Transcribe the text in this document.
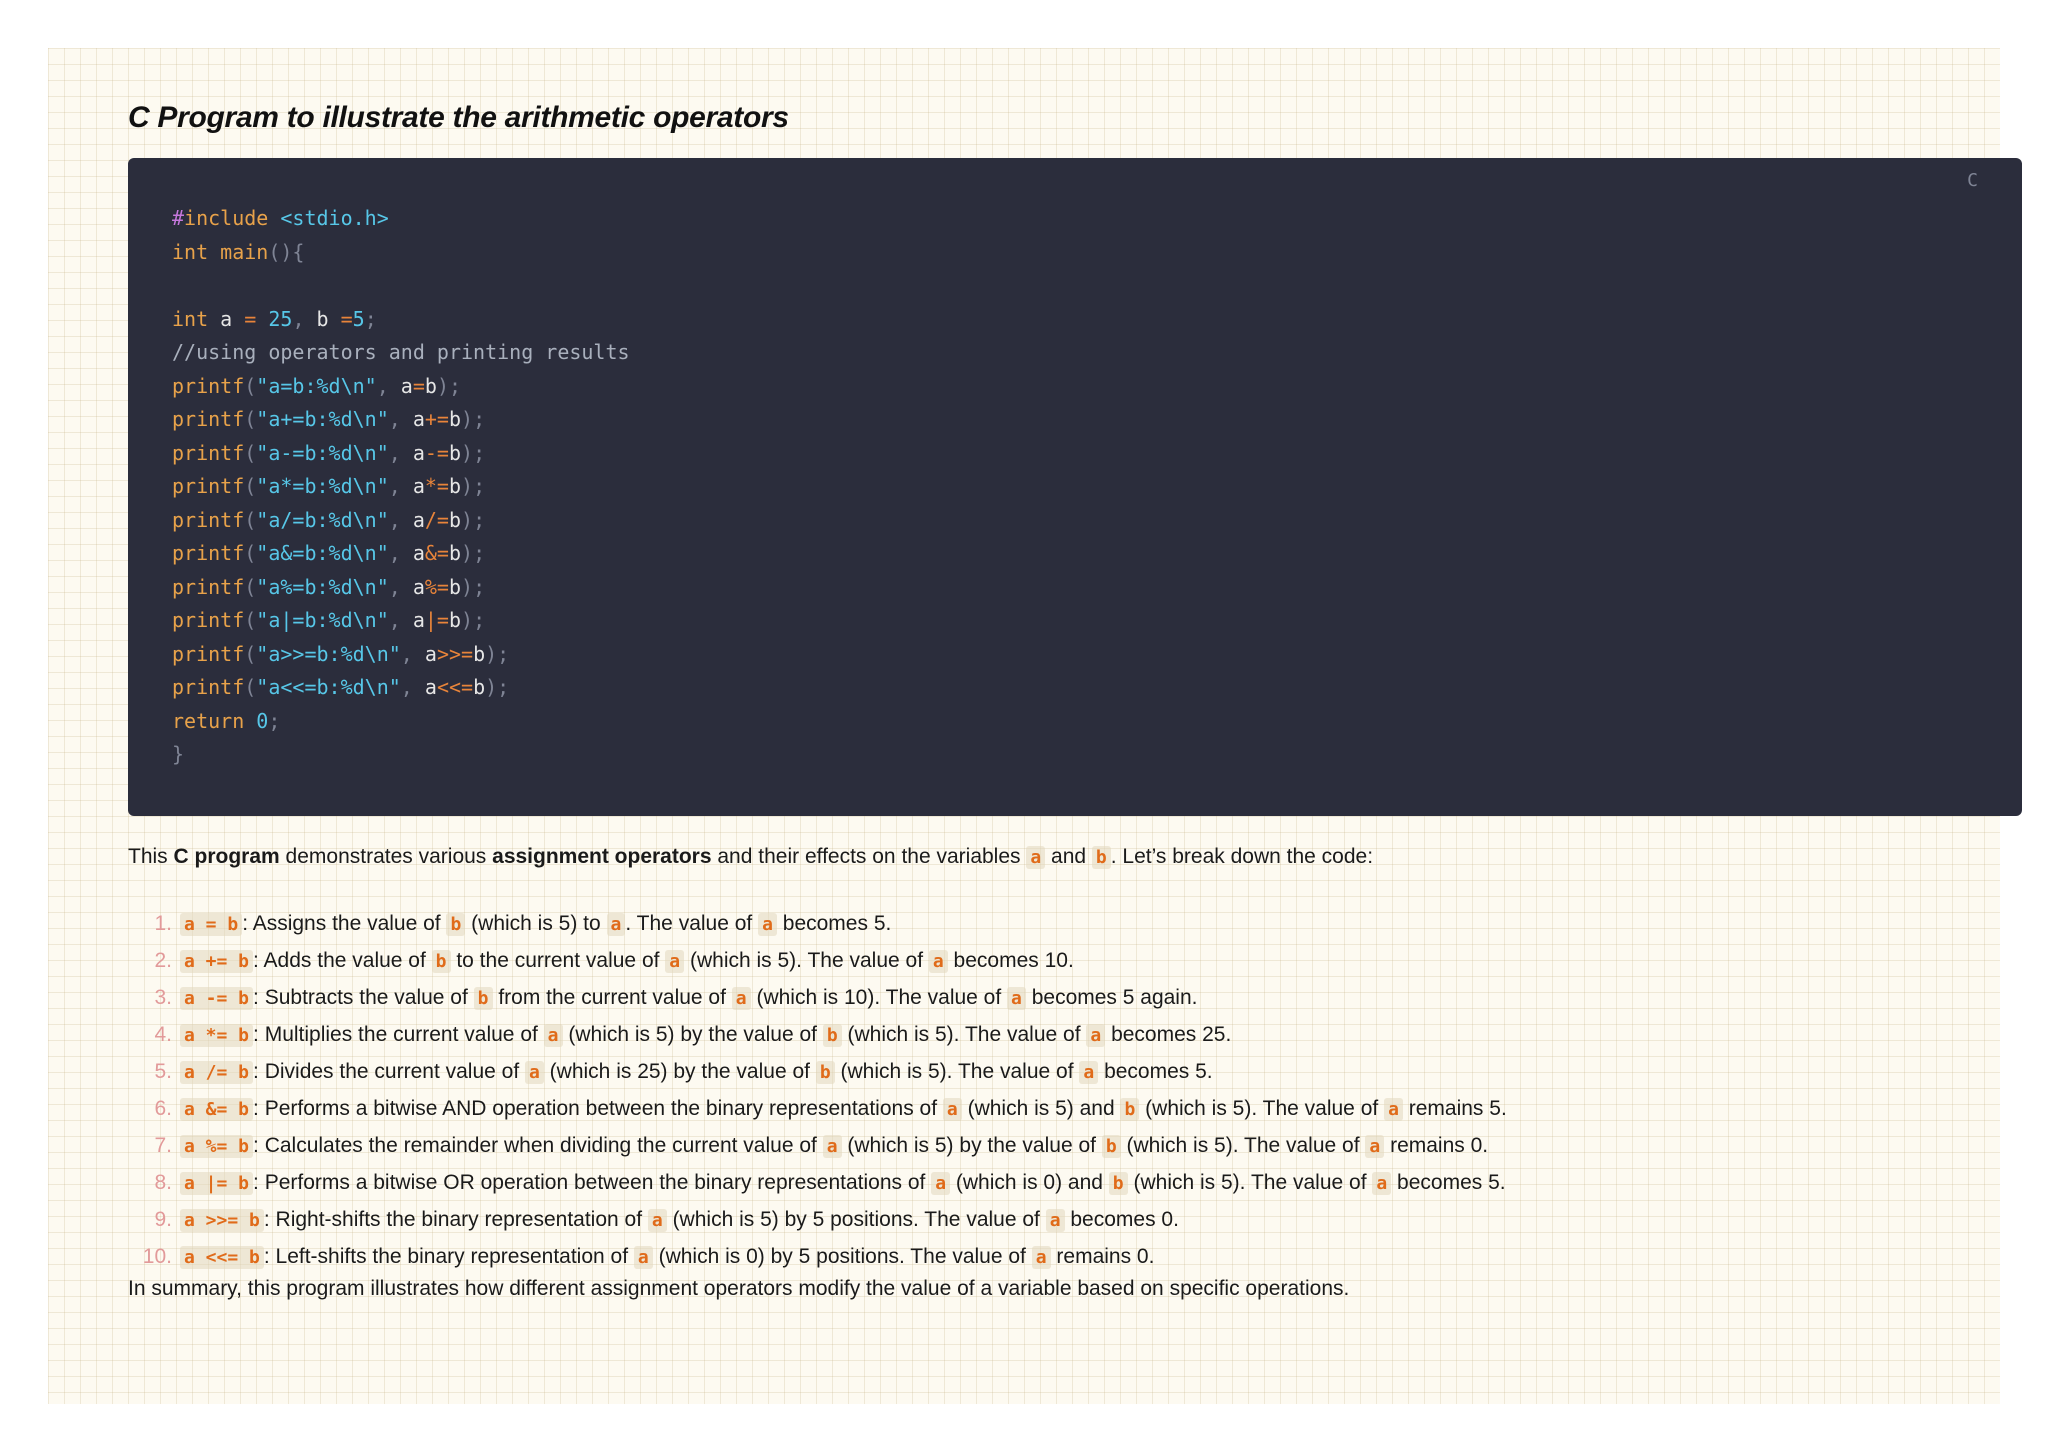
C Program to illustrate the arithmetic operators
C
#include <stdio.h>
int main(){

int a = 25, b =5;
//using operators and printing results
printf("a=b:%d\n", a=b);
printf("a+=b:%d\n", a+=b);
printf("a-=b:%d\n", a-=b);
printf("a*=b:%d\n", a*=b);
printf("a/=b:%d\n", a/=b);
printf("a&=b:%d\n", a&=b);
printf("a%=b:%d\n", a%=b);
printf("a|=b:%d\n", a|=b);
printf("a>>=b:%d\n", a>>=b);
printf("a<<=b:%d\n", a<<=b);
return 0;
}

This C program demonstrates various assignment operators and their effects on the variables a and b . Let’s break down the code:

1. a = b : Assigns the value of b (which is 5) to a . The value of a becomes 5.
2. a += b : Adds the value of b to the current value of a (which is 5). The value of a becomes 10.
3. a -= b : Subtracts the value of b from the current value of a (which is 10). The value of a becomes 5 again.
4. a *= b : Multiplies the current value of a (which is 5) by the value of b (which is 5). The value of a becomes 25.
5. a /= b : Divides the current value of a (which is 25) by the value of b (which is 5). The value of a becomes 5.
6. a &= b : Performs a bitwise AND operation between the binary representations of a (which is 5) and b (which is 5). The value of a remains 5.
7. a %= b : Calculates the remainder when dividing the current value of a (which is 5) by the value of b (which is 5). The value of a remains 0.
8. a |= b : Performs a bitwise OR operation between the binary representations of a (which is 0) and b (which is 5). The value of a becomes 5.
9. a >>= b : Right-shifts the binary representation of a (which is 5) by 5 positions. The value of a becomes 0.
10. a <<= b : Left-shifts the binary representation of a (which is 0) by 5 positions. The value of a remains 0.

In summary, this program illustrates how different assignment operators modify the value of a variable based on specific operations.
